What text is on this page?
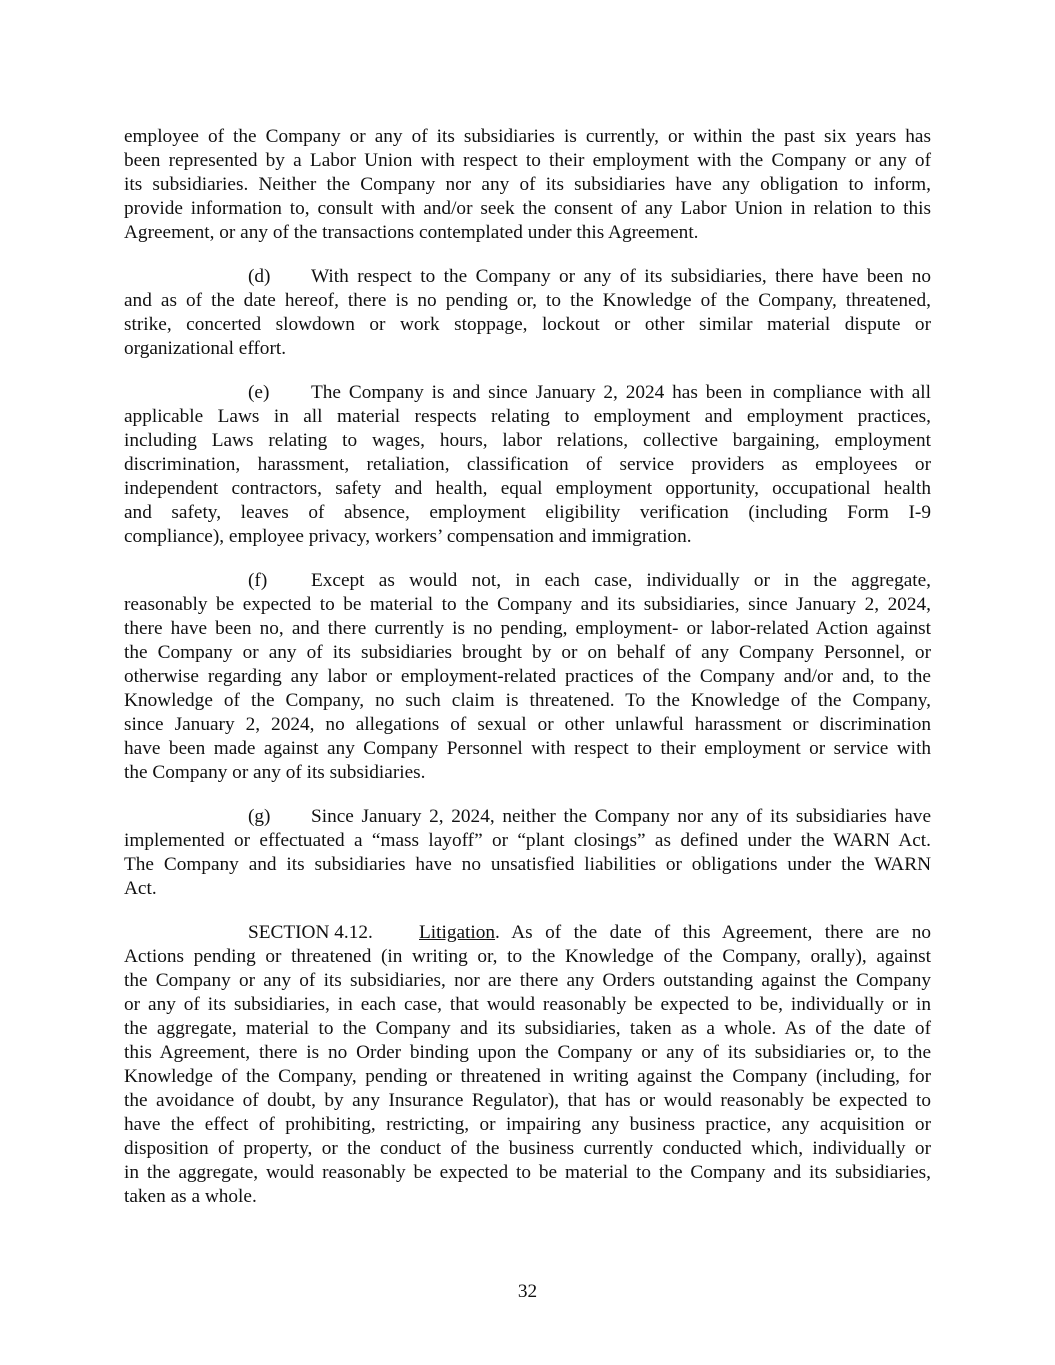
employee of the Company or any of its subsidiaries is currently, or within the past six years has
been represented by a Labor Union with respect to their employment with the Company or any of
its subsidiaries. Neither the Company nor any of its subsidiaries have any obligation to inform,
provide information to, consult with and/or seek the consent of any Labor Union in relation to this
Agreement, or any of the transactions contemplated under this Agreement.
(d) With respect to the Company or any of its subsidiaries, there have been no
and as of the date hereof, there is no pending or, to the Knowledge of the Company, threatened,
strike, concerted slowdown or work stoppage, lockout or other similar material dispute or
organizational effort.
(e) The Company is and since January 2, 2024 has been in compliance with all
applicable Laws in all material respects relating to employment and employment practices,
including Laws relating to wages, hours, labor relations, collective bargaining, employment
discrimination, harassment, retaliation, classification of service providers as employees or
independent contractors, safety and health, equal employment opportunity, occupational health
and safety, leaves of absence, employment eligibility verification (including Form I-9
compliance), employee privacy, workers’ compensation and immigration.
(f) Except as would not, in each case, individually or in the aggregate,
reasonably be expected to be material to the Company and its subsidiaries, since January 2, 2024,
there have been no, and there currently is no pending, employment- or labor-related Action against
the Company or any of its subsidiaries brought by or on behalf of any Company Personnel, or
otherwise regarding any labor or employment-related practices of the Company and/or and, to the
Knowledge of the Company, no such claim is threatened. To the Knowledge of the Company,
since January 2, 2024, no allegations of sexual or other unlawful harassment or discrimination
have been made against any Company Personnel with respect to their employment or service with
the Company or any of its subsidiaries.
(g) Since January 2, 2024, neither the Company nor any of its subsidiaries have
implemented or effectuated a “mass layoff” or “plant closings” as defined under the WARN Act.
The Company and its subsidiaries have no unsatisfied liabilities or obligations under the WARN
Act.
SECTION 4.12. Litigation. As of the date of this Agreement, there are no
Actions pending or threatened (in writing or, to the Knowledge of the Company, orally), against
the Company or any of its subsidiaries, nor are there any Orders outstanding against the Company
or any of its subsidiaries, in each case, that would reasonably be expected to be, individually or in
the aggregate, material to the Company and its subsidiaries, taken as a whole. As of the date of
this Agreement, there is no Order binding upon the Company or any of its subsidiaries or, to the
Knowledge of the Company, pending or threatened in writing against the Company (including, for
the avoidance of doubt, by any Insurance Regulator), that has or would reasonably be expected to
have the effect of prohibiting, restricting, or impairing any business practice, any acquisition or
disposition of property, or the conduct of the business currently conducted which, individually or
in the aggregate, would reasonably be expected to be material to the Company and its subsidiaries,
taken as a whole.
32
